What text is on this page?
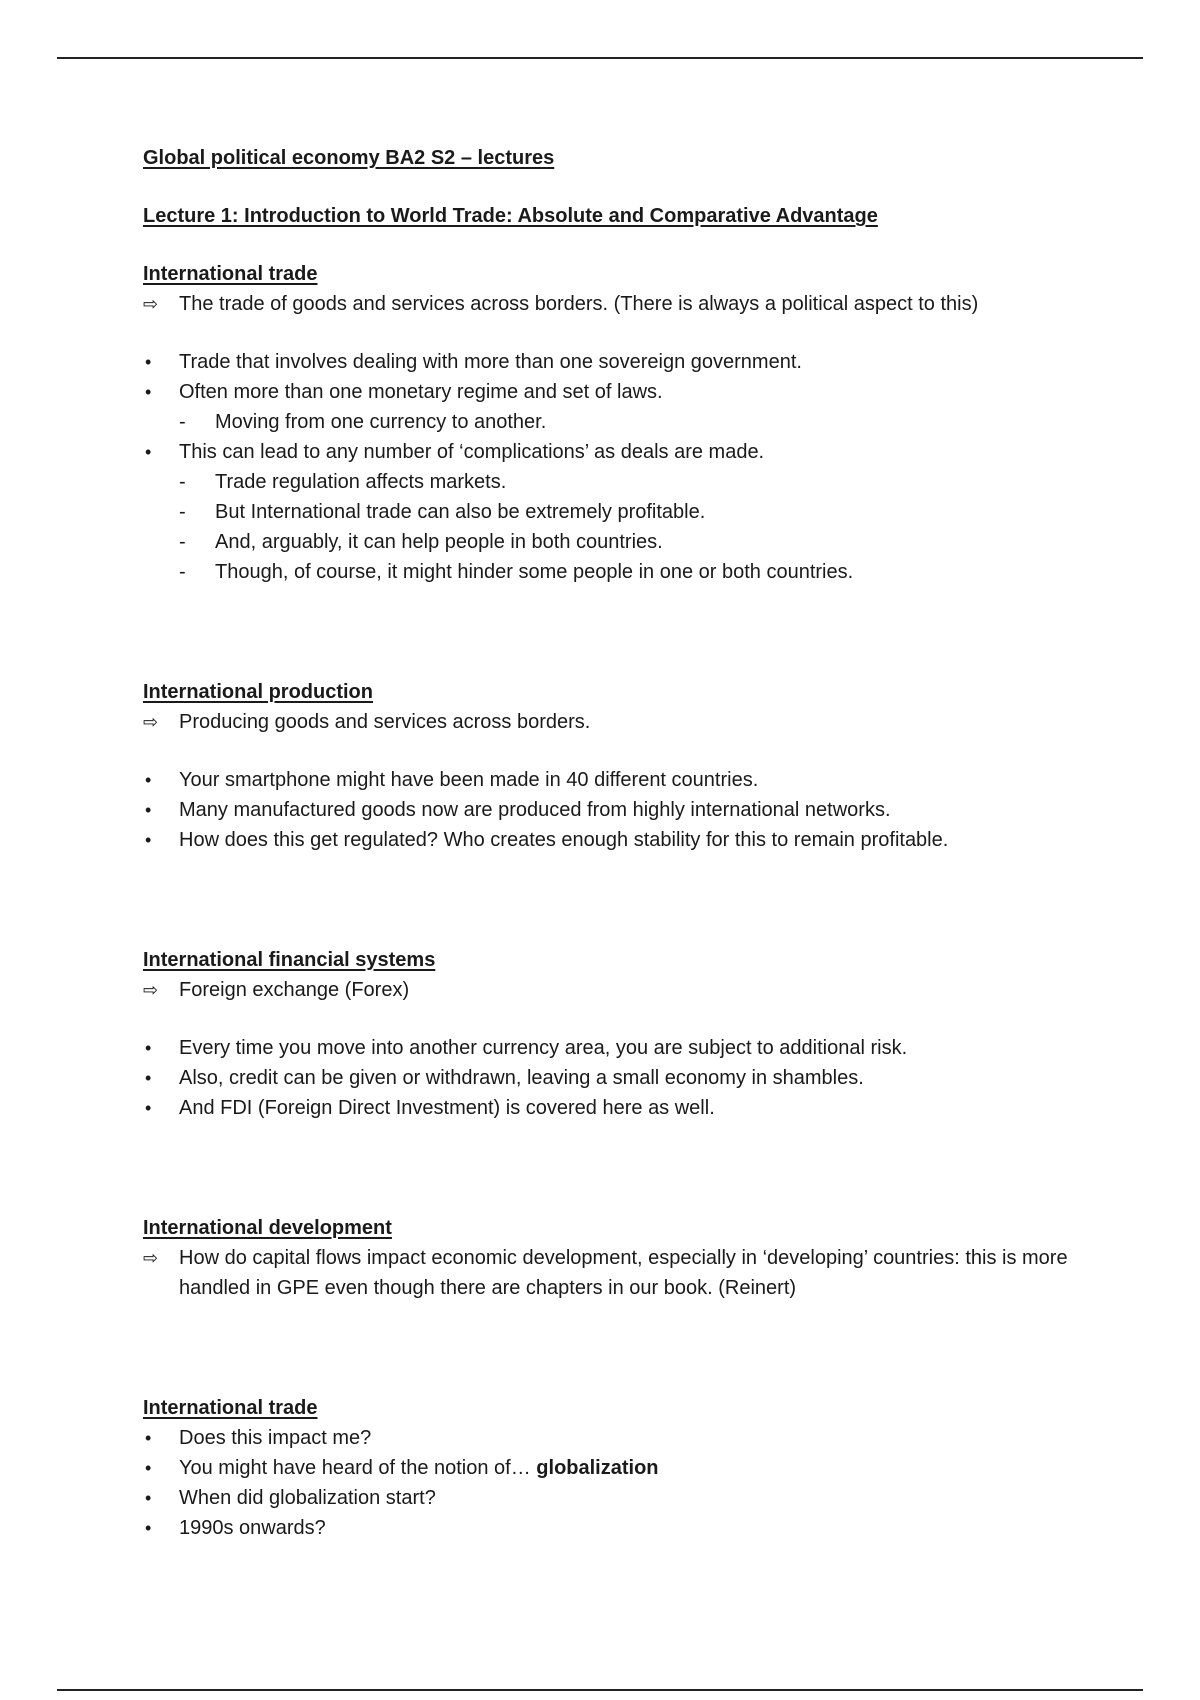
Global political economy BA2 S2 – lectures

Lecture 1: Introduction to World Trade: Absolute and Comparative Advantage

International trade

⇨ The trade of goods and services across borders. (There is always a political aspect to this)

• Trade that involves dealing with more than one sovereign government.
• Often more than one monetary regime and set of laws.
- Moving from one currency to another.
• This can lead to any number of ‘complications’ as deals are made.
- Trade regulation affects markets.
- But International trade can also be extremely profitable.
- And, arguably, it can help people in both countries.
- Though, of course, it might hinder some people in one or both countries.

International production

⇨ Producing goods and services across borders.

• Your smartphone might have been made in 40 different countries.
• Many manufactured goods now are produced from highly international networks.
• How does this get regulated? Who creates enough stability for this to remain profitable.

International financial systems

⇨ Foreign exchange (Forex)

• Every time you move into another currency area, you are subject to additional risk.
• Also, credit can be given or withdrawn, leaving a small economy in shambles.
• And FDI (Foreign Direct Investment) is covered here as well.

International development

⇨ How do capital flows impact economic development, especially in ‘developing’ countries: this is more handled in GPE even though there are chapters in our book. (Reinert)

International trade

• Does this impact me?
• You might have heard of the notion of… globalization
• When did globalization start?
• 1990s onwards?
